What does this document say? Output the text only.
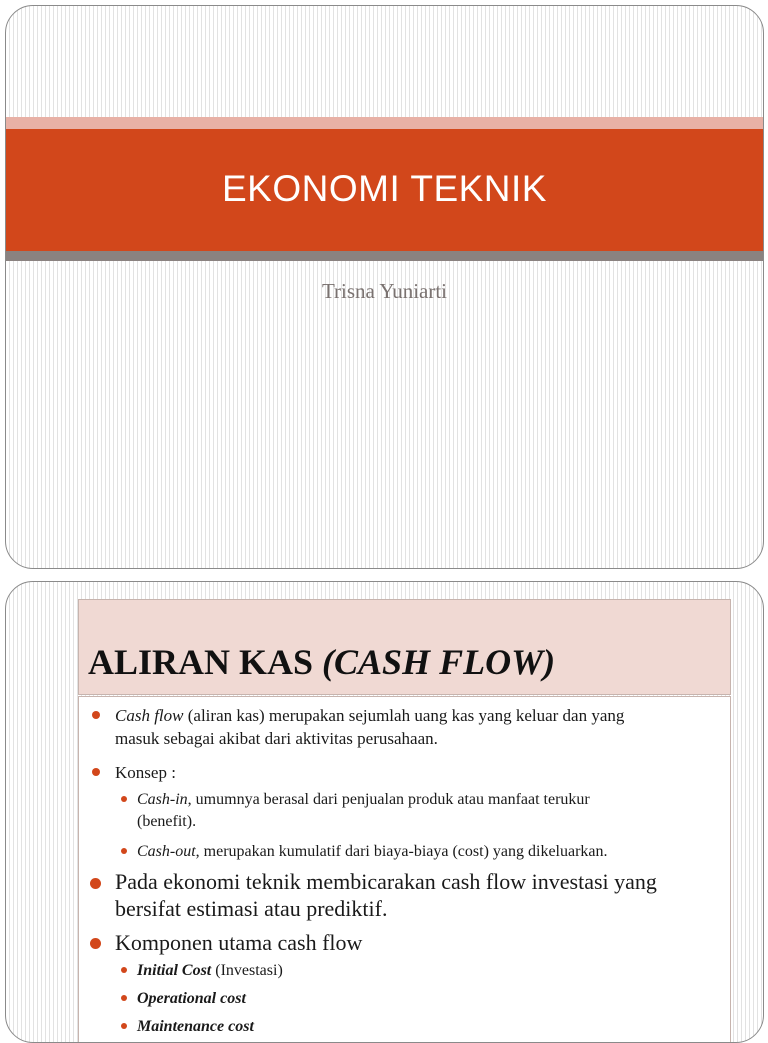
EKONOMI TEKNIK
Trisna Yuniarti
ALIRAN KAS (CASH FLOW)
Cash flow (aliran kas) merupakan sejumlah uang kas yang keluar dan yang
masuk sebagai akibat dari aktivitas perusahaan.
Konsep :
Cash-in, umumnya berasal dari penjualan produk atau manfaat terukur
(benefit).
Cash-out, merupakan kumulatif dari biaya-biaya (cost) yang dikeluarkan.
Pada ekonomi teknik membicarakan cash flow investasi yang
bersifat estimasi atau prediktif.
Komponen utama cash flow
Initial Cost (Investasi)
Operational cost
Maintenance cost
